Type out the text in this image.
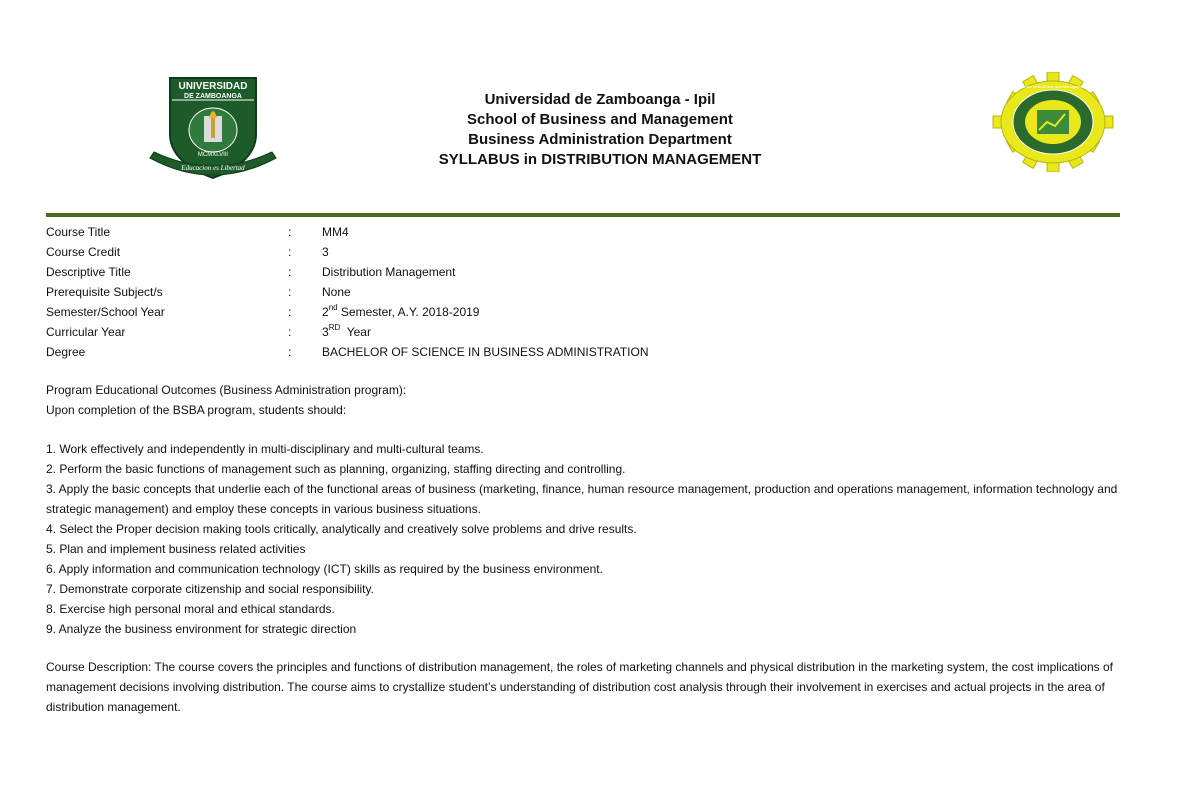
UNIVERSIDAD
DE ZAMBOANGA
MCMXLVIII
Educacion es Libertad
School of Business and Management
Universidad de Zamboanga - Ipil
School of Business and Management
Business Administration Department
SYLLABUS in DISTRIBUTION MANAGEMENT
Course Title	:	MM4
Course Credit	:	3
Descriptive Title	:	Distribution Management
Prerequisite Subject/s	:	None
Semester/School Year	:	2nd Semester, A.Y. 2018-2019
Curricular Year	:	3RD  Year
Degree	:	BACHELOR OF SCIENCE IN BUSINESS ADMINISTRATION
Program Educational Outcomes (Business Administration program):
Upon completion of the BSBA program, students should:
1. Work effectively and independently in multi-disciplinary and multi-cultural teams.
2. Perform the basic functions of management such as planning, organizing, staffing directing and controlling.
3. Apply the basic concepts that underlie each of the functional areas of business (marketing, finance, human resource management, production and operations management, information technology and strategic management) and employ these concepts in various business situations.
4. Select the Proper decision making tools critically, analytically and creatively solve problems and drive results.
5. Plan and implement business related activities
6. Apply information and communication technology (ICT) skills as required by the business environment.
7. Demonstrate corporate citizenship and social responsibility.
8. Exercise high personal moral and ethical standards.
9. Analyze the business environment for strategic direction
Course Description: The course covers the principles and functions of distribution management, the roles of marketing channels and physical distribution in the marketing system, the cost implications of management decisions involving distribution. The course aims to crystallize student’s understanding of distribution cost analysis through their involvement in exercises and actual projects in the area of distribution management.
